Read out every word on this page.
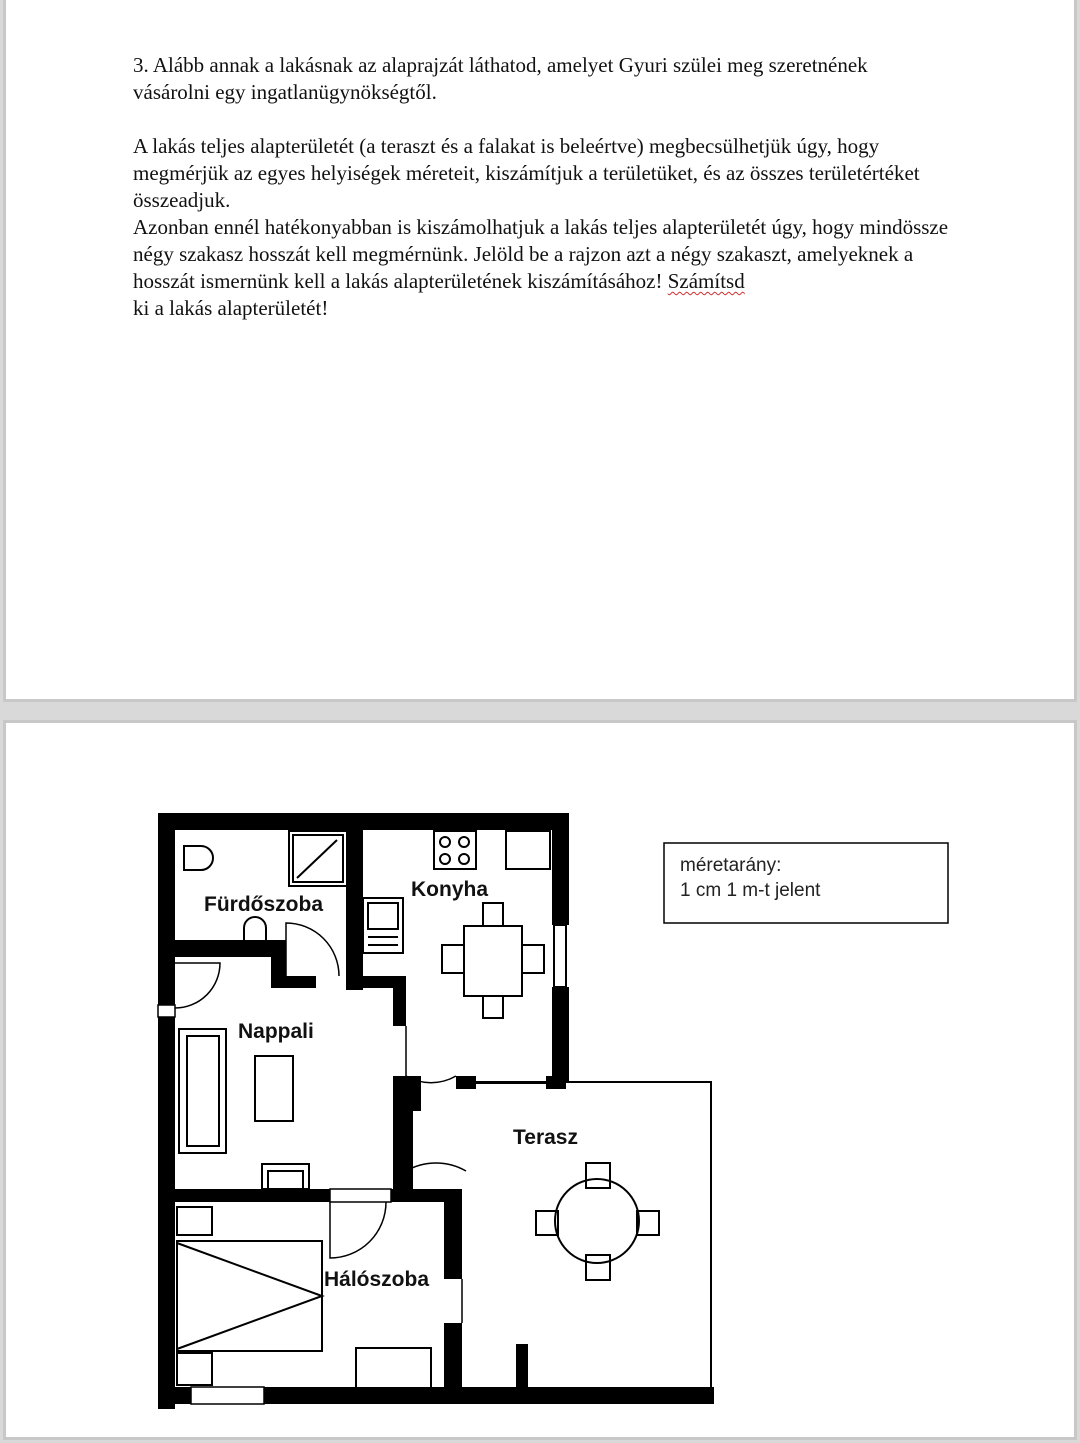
3. Alább annak a lakásnak az alaprajzát láthatod, amelyet Gyuri szülei meg szeretnének

vásárolni egy ingatlanügynökségtől.

A lakás teljes alapterületét (a teraszt és a falakat is beleértve) megbecsülhetjük úgy, hogy megmérjük az egyes helyiségek méreteit, kiszámítjuk a területüket, és az összes területértéket összeadjuk.

Azonban ennél hatékonyabban is kiszámolhatjuk a lakás teljes alapterületét úgy, hogy mindössze négy szakasz hosszát kell megmérnünk. Jelöld be a rajzon azt a négy szakaszt, amelyeknek a hosszát ismernünk kell a lakás alapterületének kiszámításához! Számítsd
ki a lakás alapterületét!

Fürdőszoba
Konyha
Nappali
Terasz
Hálószoba
méretarány:
1 cm 1 m-t jelent
